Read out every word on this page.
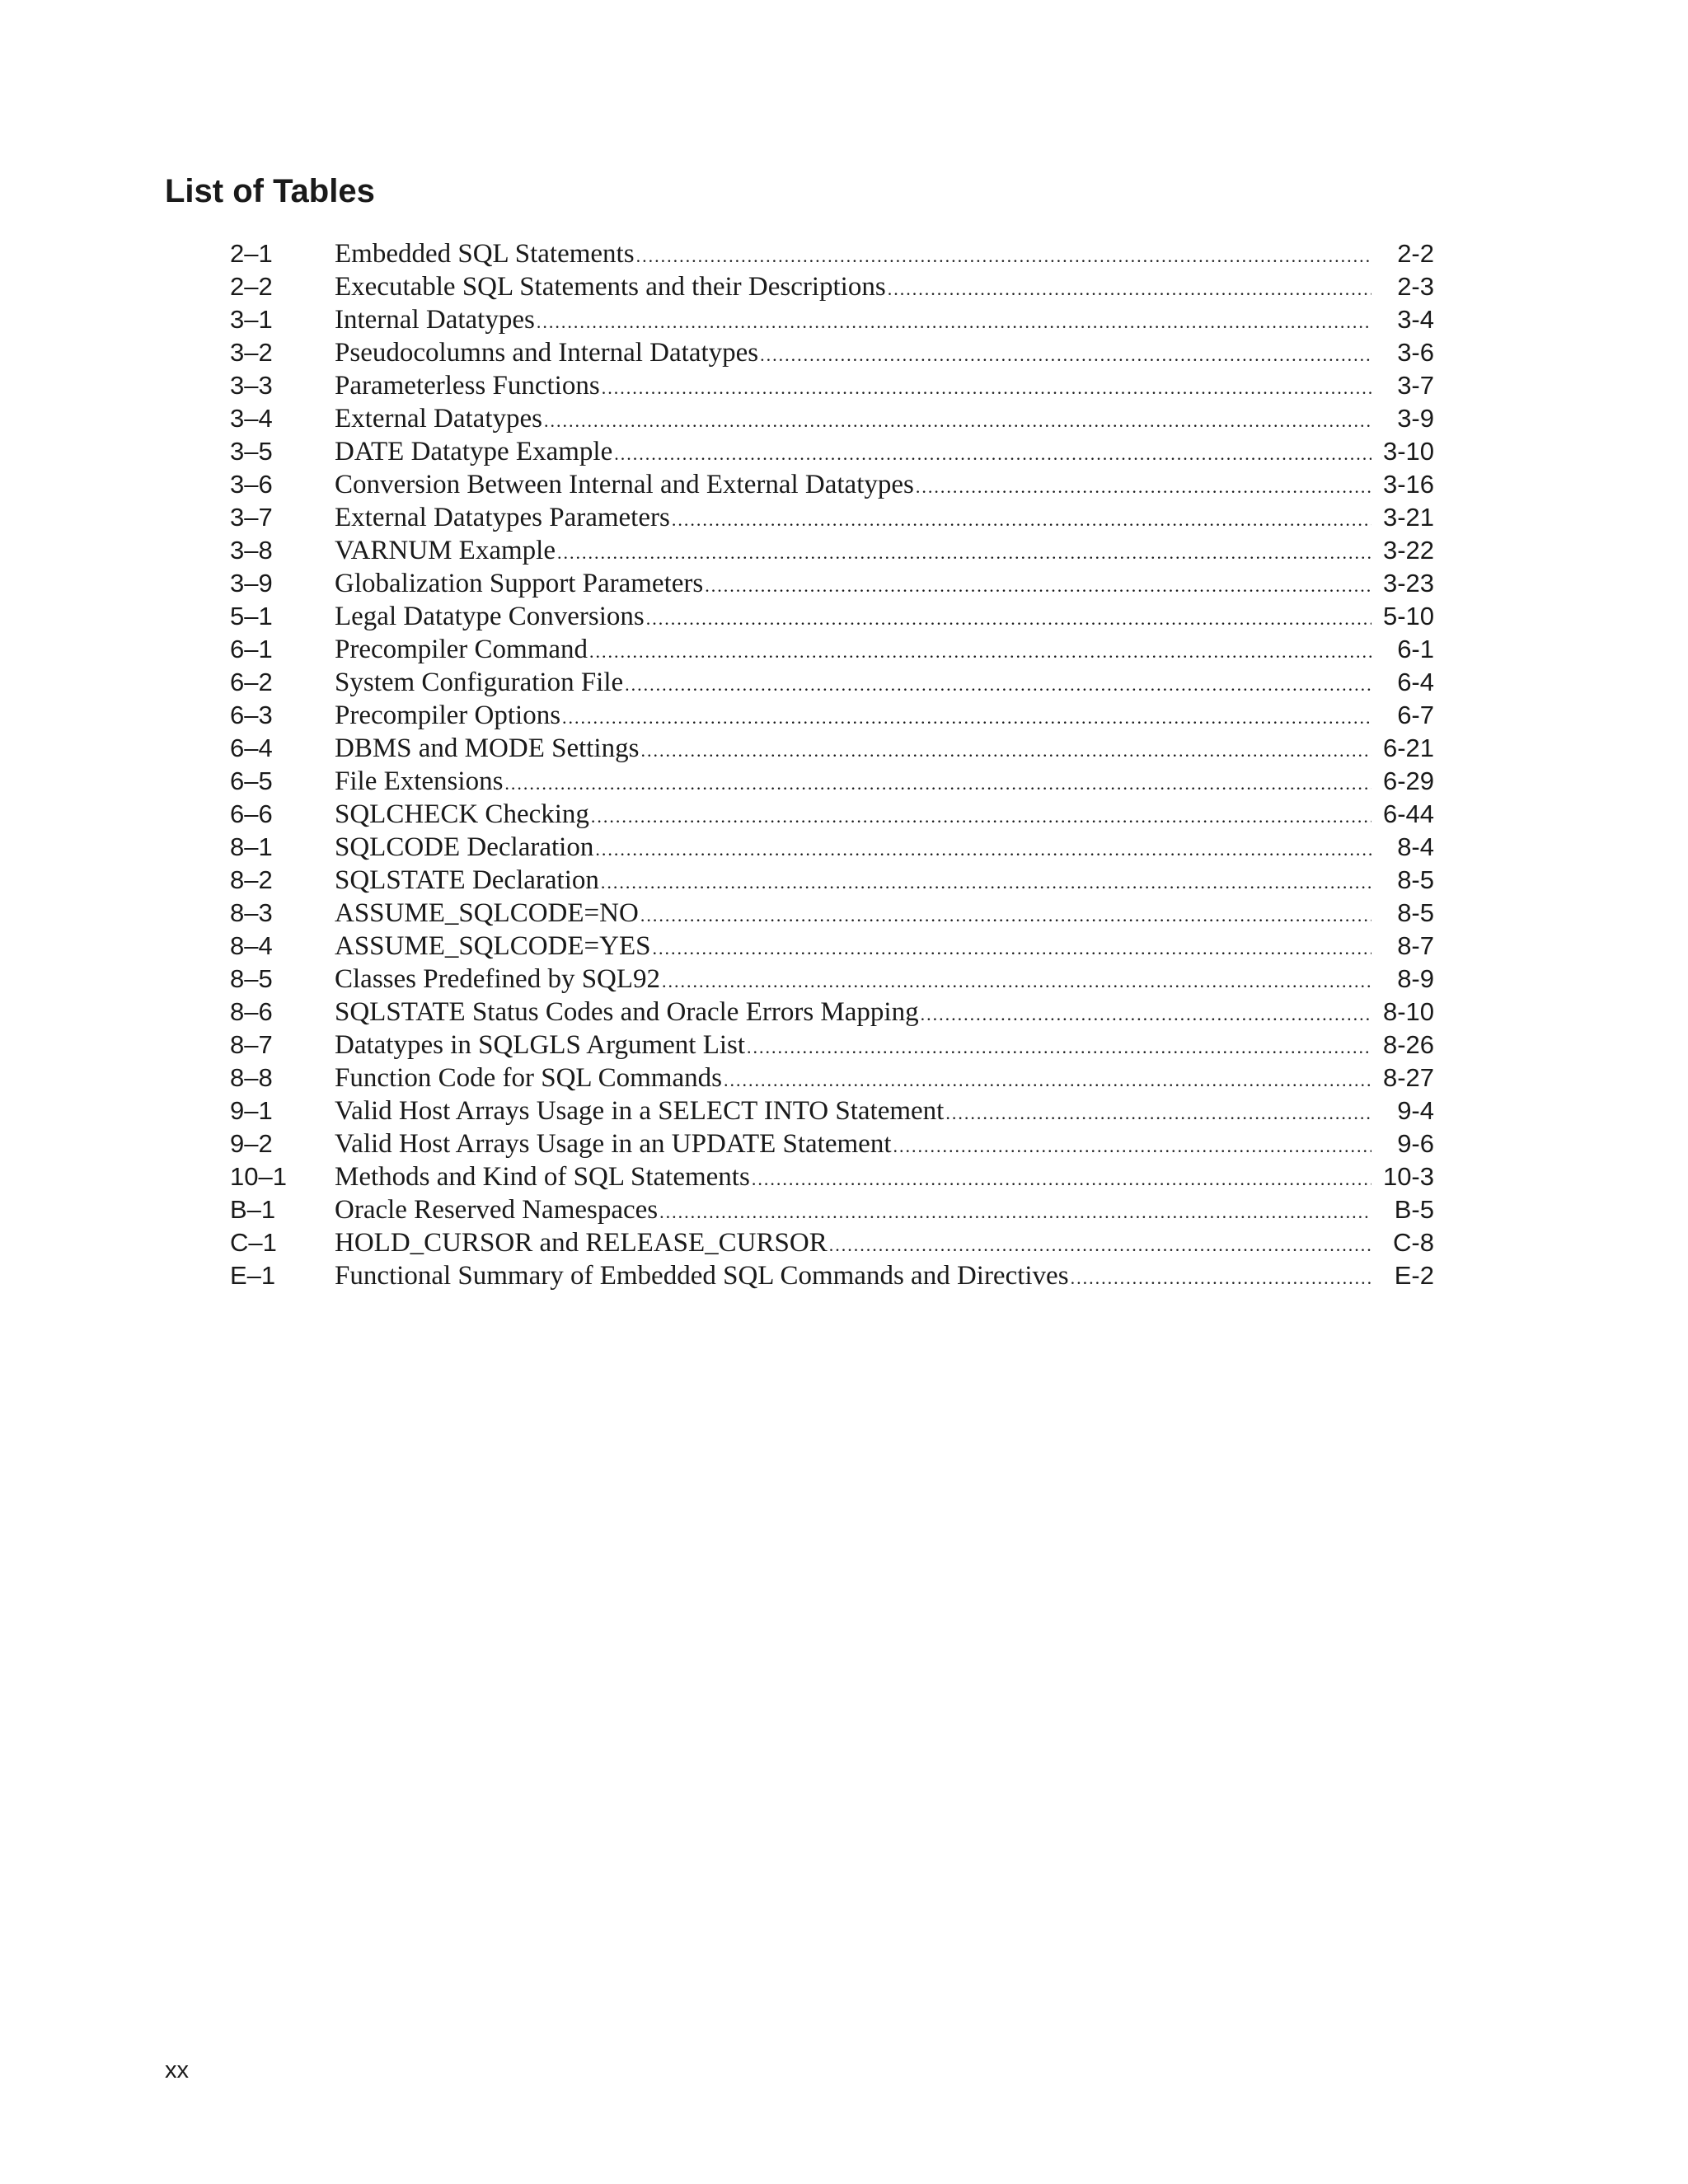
List of Tables
2–1	Embedded SQL Statements .....	2-2
2–2	Executable SQL Statements and their Descriptions .....	2-3
3–1	Internal Datatypes .....	3-4
3–2	Pseudocolumns and Internal Datatypes .....	3-6
3–3	Parameterless Functions .....	3-7
3–4	External Datatypes .....	3-9
3–5	DATE Datatype Example .....	3-10
3–6	Conversion Between Internal and External Datatypes .....	3-16
3–7	External Datatypes Parameters .....	3-21
3–8	VARNUM Example .....	3-22
3–9	Globalization Support Parameters .....	3-23
5–1	Legal Datatype Conversions .....	5-10
6–1	Precompiler Command .....	6-1
6–2	System Configuration File .....	6-4
6–3	Precompiler Options .....	6-7
6–4	DBMS and MODE Settings .....	6-21
6–5	File Extensions .....	6-29
6–6	SQLCHECK Checking .....	6-44
8–1	SQLCODE Declaration .....	8-4
8–2	SQLSTATE Declaration .....	8-5
8–3	ASSUME_SQLCODE=NO .....	8-5
8–4	ASSUME_SQLCODE=YES .....	8-7
8–5	Classes Predefined by SQL92 .....	8-9
8–6	SQLSTATE Status Codes and Oracle Errors Mapping .....	8-10
8–7	Datatypes in SQLGLS Argument List .....	8-26
8–8	Function Code for SQL Commands .....	8-27
9–1	Valid Host Arrays Usage in a SELECT INTO Statement .....	9-4
9–2	Valid Host Arrays Usage in an UPDATE Statement .....	9-6
10–1	Methods and Kind of SQL Statements .....	10-3
B–1	Oracle Reserved Namespaces .....	B-5
C–1	HOLD_CURSOR and RELEASE_CURSOR .....	C-8
E–1	Functional Summary of Embedded SQL Commands and Directives .....	E-2
xx
